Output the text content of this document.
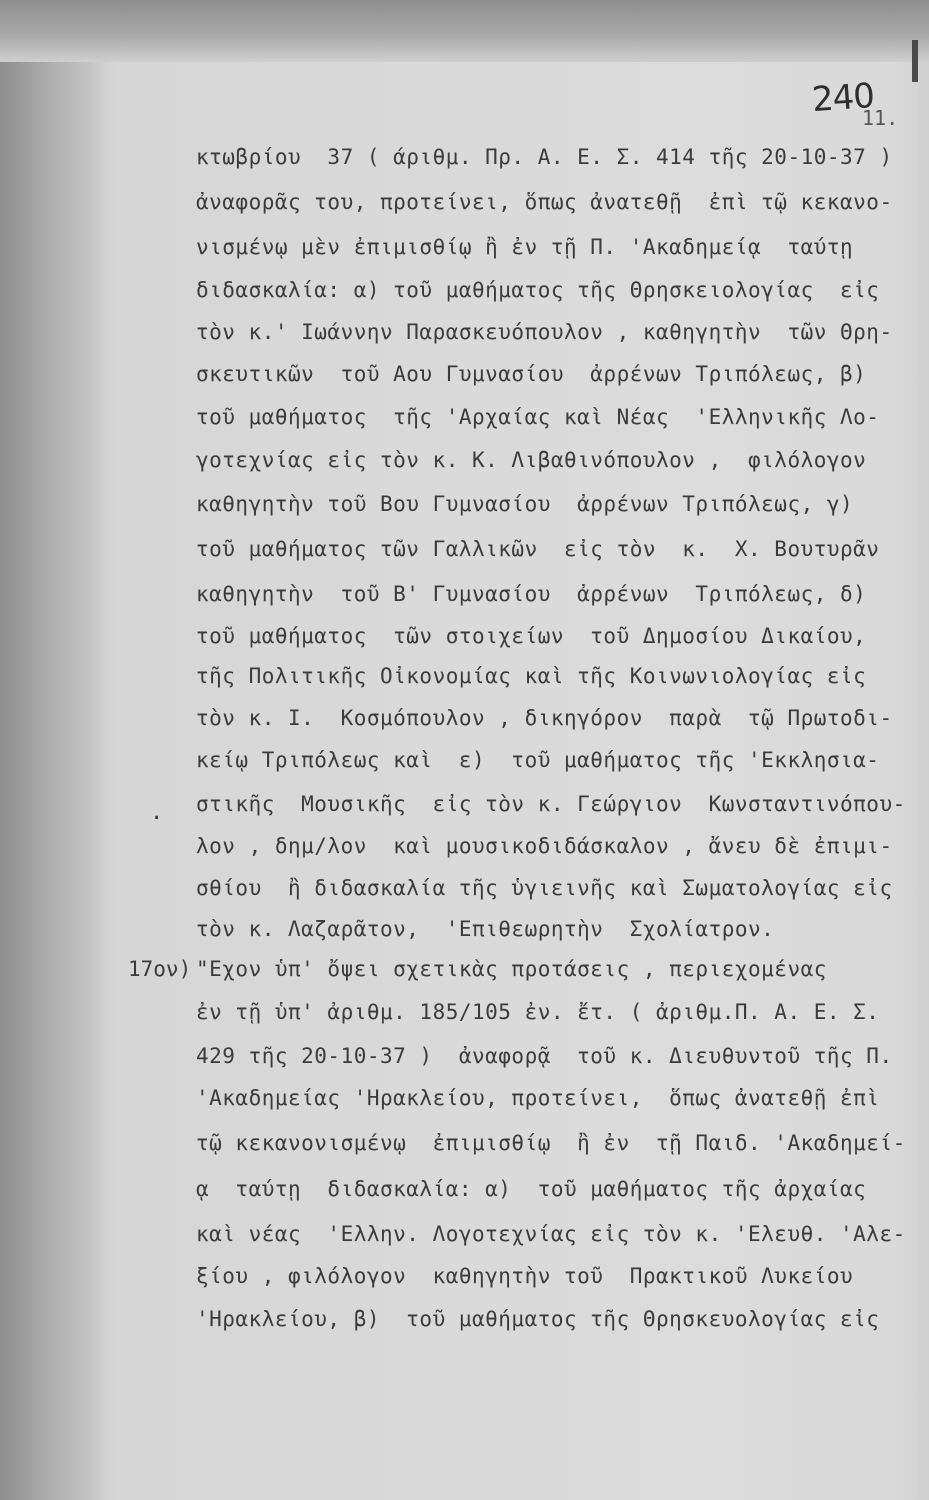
240
11.
.
17ον)
κτωβρίου  37 ( άριθμ. Πρ. Α. Ε. Σ. 414 τῆς 20-10-37 )
ἀναφορᾶς του, προτείνει, ὅπως ἀνατεθῇ  ἐπὶ τῷ κεκανο-
νισμένῳ μὲν ἐπιμισθίῳ ἢ ἐν τῇ Π. 'Ακαδημείᾳ  ταύτῃ
διδασκαλία: α) τοῦ μαθήματος τῆς Θρησκειολογίας  εἰς
τὸν κ.' Ιωάννην Παρασκευόπουλον , καθηγητὴν  τῶν Θρη-
σκευτικῶν  τοῦ Αου Γυμνασίου  ἀρρένων Τριπόλεως, β)
τοῦ μαθήματος  τῆς 'Αρχαίας καὶ Νέας  'Ελληνικῆς Λο-
γοτεχνίας εἰς τὸν κ. Κ. Λιβαθινόπουλον ,  φιλόλογον
καθηγητὴν τοῦ Βου Γυμνασίου  ἀρρένων Τριπόλεως, γ)
τοῦ μαθήματος τῶν Γαλλικῶν  εἰς τὸν  κ.  Χ. Βουτυρᾶν
καθηγητὴν  τοῦ Β' Γυμνασίου  ἀρρένων  Τριπόλεως, δ)
τοῦ μαθήματος  τῶν στοιχείων  τοῦ Δημοσίου Δικαίου,
τῆς Πολιτικῆς Οἰκονομίας καὶ τῆς Κοινωνιολογίας εἰς
τὸν κ. Ι.  Κοσμόπουλον , δικηγόρον  παρὰ  τῷ Πρωτοδι-
κείῳ Τριπόλεως καὶ  ε)  τοῦ μαθήματος τῆς 'Εκκλησια-
στικῆς  Μουσικῆς  εἰς τὸν κ. Γεώργιον  Κωνσταντινόπου-
λον , δημ/λον  καὶ μουσικοδιδάσκαλον , ἄνευ δὲ ἐπιμι-
σθίου  ἢ διδασκαλία τῆς ὑγιεινῆς καὶ Σωματολογίας εἰς
τὸν κ. Λαζαρᾶτον,  'Επιθεωρητὴν  Σχολίατρον.
"Εχον ὑπ' ὄψει σχετικὰς προτάσεις , περιεχομένας
ἐν τῇ ὑπ' ἀριθμ. 185/105 ἐν. ἔτ. ( ἀριθμ.Π. Α. Ε. Σ.
429 τῆς 20-10-37 )  ἀναφορᾷ  τοῦ κ. Διευθυντοῦ τῆς Π.
'Ακαδημείας 'Ηρακλείου, προτείνει,  ὅπως ἀνατεθῇ ἐπὶ
τῷ κεκανονισμένῳ  ἐπιμισθίῳ  ἢ ἐν  τῇ Παιδ. 'Ακαδημεί-
ᾳ  ταύτῃ  διδασκαλία: α)  τοῦ μαθήματος τῆς ἀρχαίας
καὶ νέας  'Ελλην. Λογοτεχνίας εἰς τὸν κ. 'Ελευθ. 'Αλε-
ξίου , φιλόλογον  καθηγητὴν τοῦ  Πρακτικοῦ Λυκείου
'Ηρακλείου, β)  τοῦ μαθήματος τῆς Θρησκευολογίας εἰς
